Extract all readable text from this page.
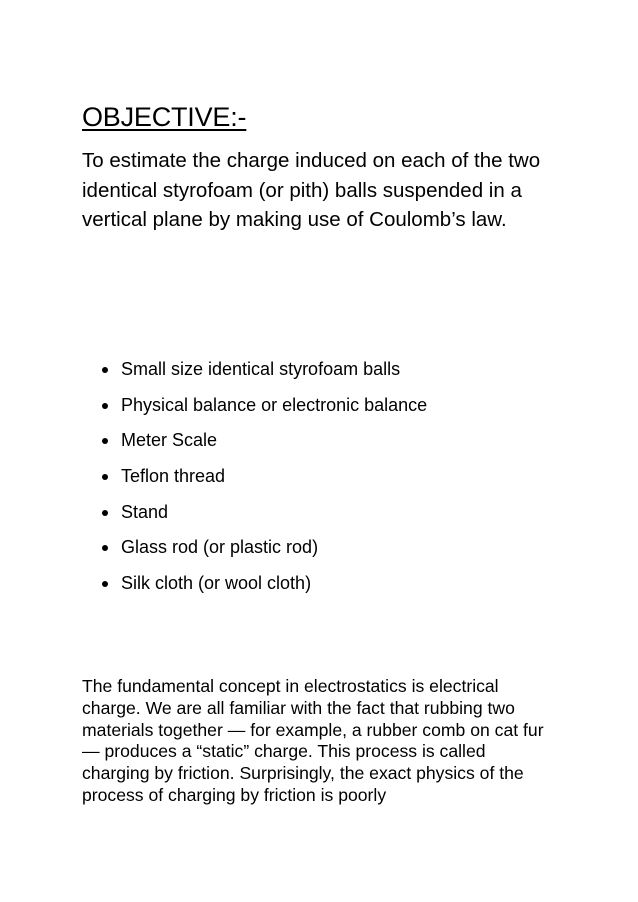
OBJECTIVE:-

To estimate the charge induced on each of the two identical styrofoam (or pith) balls suspended in a vertical plane by making use of Coulomb’s law.

Small size identical styrofoam balls
Physical balance or electronic balance
Meter Scale
Teflon thread
Stand
Glass rod (or plastic rod)
Silk cloth (or wool cloth)

The fundamental concept in electrostatics is electrical charge. We are all familiar with the fact that rubbing two materials together — for example, a rubber comb on cat fur — produces a “static” charge. This process is called charging by friction. Surprisingly, the exact physics of the process of charging by friction is poorly
